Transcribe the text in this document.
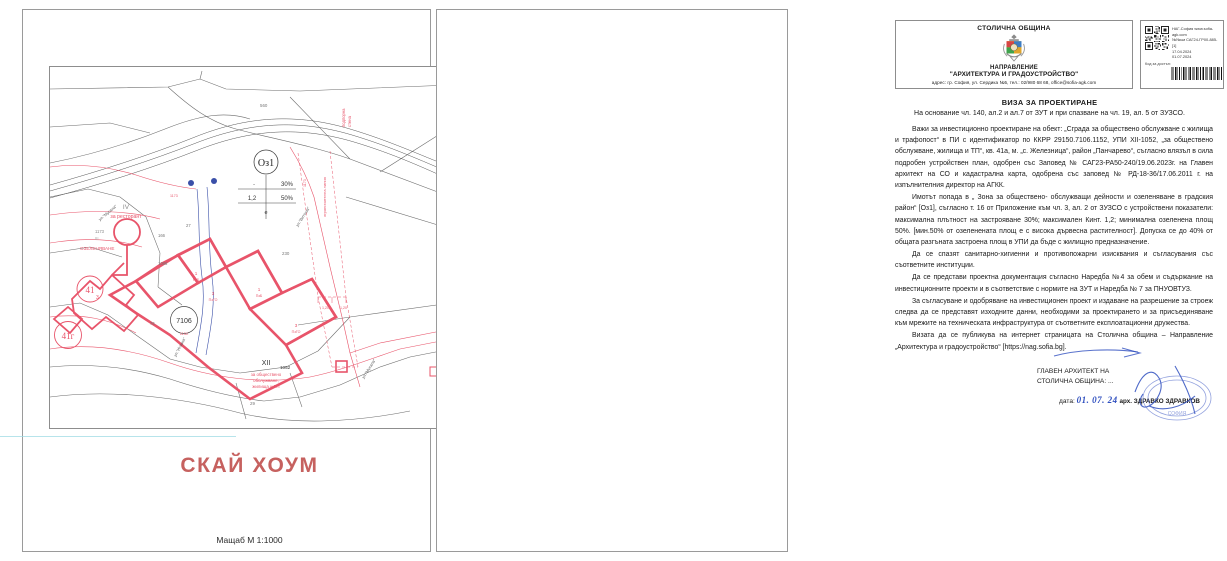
Оз1
-	30%
1,2	50%
е
7106
1152
41г
41
IV
за ресторант
XII
1052
за обществено
обслужване,
жилища и ТП
ОЗЕЛЕНЯВАНЕ
1173
III
1
ПзБ
3
ПзГО
1
ПзБ
3
ПзГО
560
230
29
166
1088
76
3
27
1173
1,20	1,20
подпорна стена
ограничителна линия
1173
ул."Иглика"
ул."Витоша"
ул."Мусала"
ул."Мусала"
СКАЙ ХОУМ
Мащаб М 1:1000
СТОЛИЧНА ОБЩИНА
НАПРАВЛЕНИЕ
"АРХИТЕКТУРА И ГРАДОУСТРОЙСТВО"
адрес: гр. София, ул. Сердика №5, тел.: 02/980 68 68, office@sofia-agk.com
НАГ-София www.sofia-agk.com
№№ьм САГ24-ГР00-885-[1]
17.04.2024
01.07.2024
Код за достъп:
ВИЗА ЗА ПРОЕКТИРАНЕ
На основание чл. 140, ал.2 и ал.7 от ЗУТ и при спазване на чл. 19, ал. 5 от ЗУЗСО.

Важи за инвестиционно проектиране на обект: „Сграда за обществено обслужване с жилища и трафопост“ в ПИ с идентификатор по ККРР 29150.7106.1152, УПИ XII-1052, „за обществено обслужване, жилища и ТП“, кв. 41а, м. „с. Железница“, район „Панчарево“, съгласно влязъл в сила подробен устройствен план, одобрен със Заповед № САГ23-РА50-240/19.06.2023г. на Главен архитект на СО и кадастрална карта, одобрена със заповед № РД-18-36/17.06.2011 г. на изпълнителния директор на АГКК.

Имотът попада в „ Зона за обществено- обслужващи дейности и озеленяване в градския район“ [Оз1], съгласно т. 16 от Приложение към чл. 3, ал. 2 от ЗУЗСО с устройствени показатели: максимална плътност на застрояване 30%; максимален Кинт. 1,2; минимална озеленена площ 50%. [мин.50% от озеленената площ е с висока дървесна растителност]. Допуска се до 40% от общата разгъната застроена площ в УПИ да бъде с жилищно предназначение.

Да се спазят санитарно-хигиенни и противопожарни изисквания и съгласувания със съответните институции.

Да се представи проектна документация съгласно Наредба №4 за обем и съдържание на инвестиционните проекти и в съответствие с нормите на ЗУТ и Наредба № 7 за ПНУОВТУЗ.

За съгласуване и одобряване на инвестиционен проект и издаване на разрешение за строеж следва да се представят изходните данни, необходими за проектирането и за присъединяване към мрежите на техническата инфраструктура от съответните експлоатационни дружества.

Визата да се публикува на интернет страницата на Столична община – Направление „Архитектура и градоустройство“ [https://nag.sofia.bg].

ГЛАВЕН АРХИТЕКТ НА
СТОЛИЧНА ОБЩИНА: ...
дата: 01. 07. 24 арх. ЗДРАВКО ЗДРАВКОВ
СОФИЯ
